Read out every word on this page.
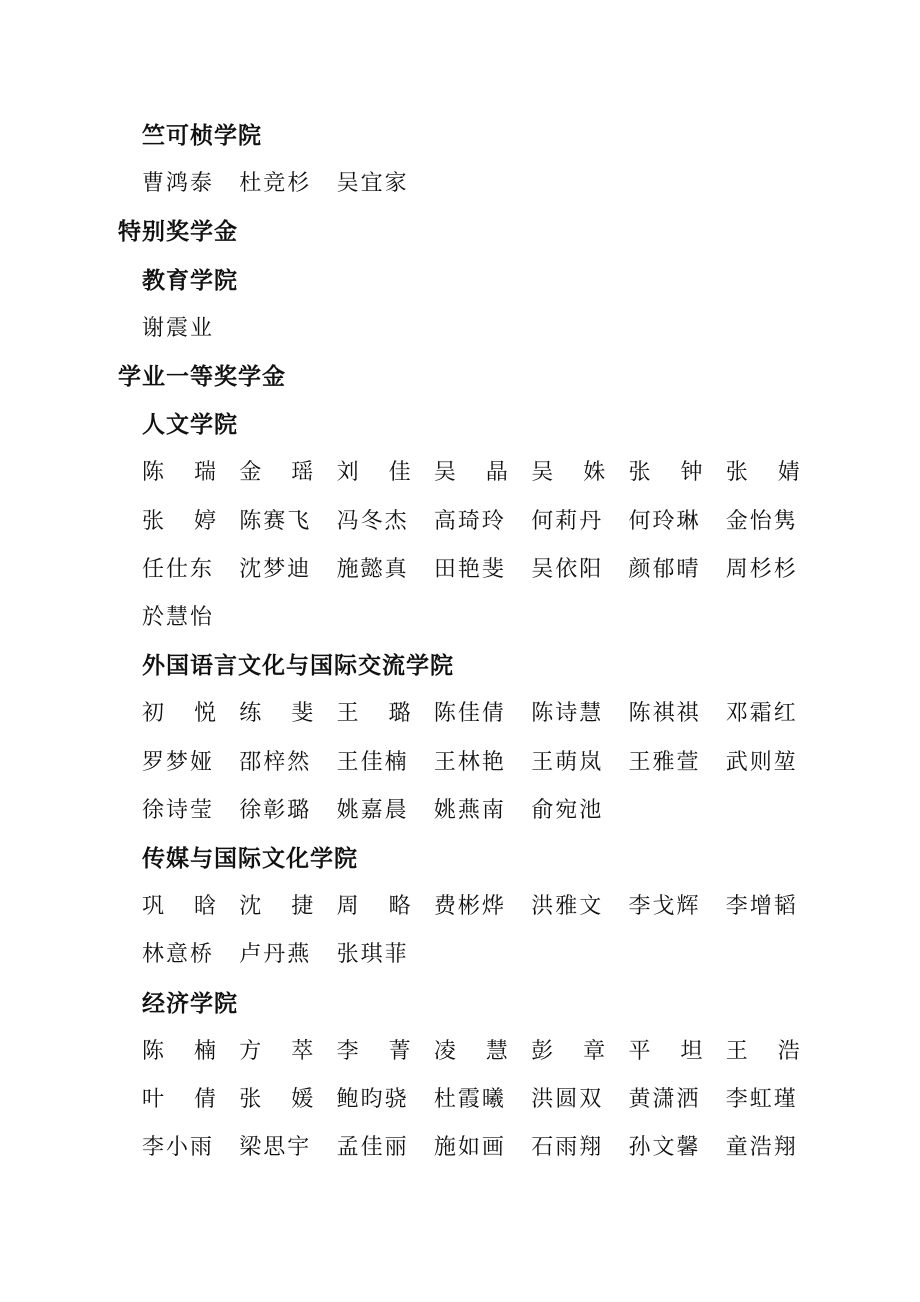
竺可桢学院
曹鸿泰 杜竞杉 吴宜家
特别奖学金
教育学院
谢震业
学业一等奖学金
人文学院
陈 瑞 金 瑶 刘 佳 吴 晶 吴 姝 张 钟 张 婧
张 婷 陈赛飞 冯冬杰 高琦玲 何莉丹 何玲琳 金怡隽
任仕东 沈梦迪 施懿真 田艳斐 吴依阳 颜郁晴 周杉杉
於慧怡
外国语言文化与国际交流学院
初 悦 练 斐 王 璐 陈佳倩 陈诗慧 陈祺祺 邓霜红
罗梦娅 邵梓然 王佳楠 王林艳 王萌岚 王雅萱 武则堃
徐诗莹 徐彰璐 姚嘉晨 姚燕南 俞宛池
传媒与国际文化学院
巩 晗 沈 捷 周 略 费彬烨 洪雅文 李戈辉 李增韬
林意桥 卢丹燕 张琪菲
经济学院
陈 楠 方 萃 李 菁 凌 慧 彭 章 平 坦 王 浩
叶 倩 张 媛 鲍昀骁 杜霞曦 洪圆双 黄潇洒 李虹瑾
李小雨 梁思宇 孟佳丽 施如画 石雨翔 孙文馨 童浩翔
